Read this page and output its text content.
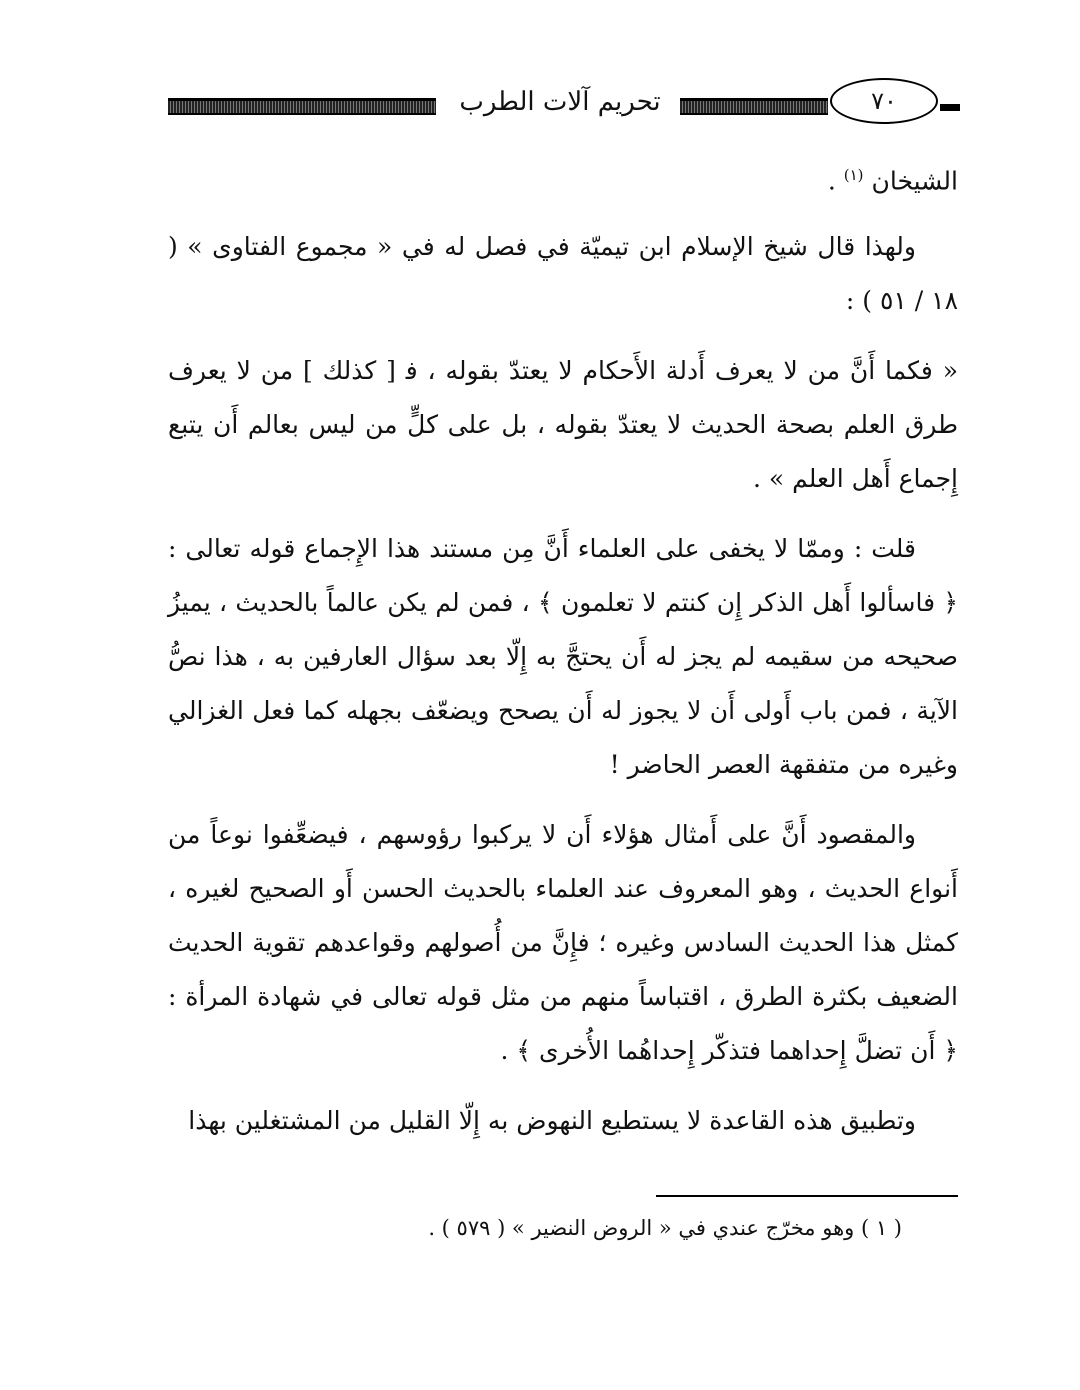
تحريم آلات الطرب	٧٠

الشيخان $^{(١)}$ .

ولهذا قال شيخ الإسلام ابن تيميّة في فصل له في « مجموع الفتاوى » ( ١٨ / ٥١ ) :

« فكما أَنَّ من لا يعرف أَدلة الأَحكام لا يعتدّ بقوله ، ﻓ [ كذلك ] من لا يعرف طرق العلم بصحة الحديث لا يعتدّ بقوله ، بل على كلٍّ من ليس بعالم أَن يتبع إِجماع أَهل العلم » .

قلت : وممّا لا يخفى على العلماء أَنَّ مِن مستند هذا الإِجماع قوله تعالى : ﴿ فاسألوا أَهل الذكر إِن كنتم لا تعلمون ﴾ ، فمن لم يكن عالماً بالحديث ، يميزُ صحيحه من سقيمه لم يجز له أَن يحتجَّ به إِلّا بعد سؤال العارفين به ، هذا نصُّ الآية ، فمن باب أَولى أَن لا يجوز له أَن يصحح ويضعّف بجهله كما فعل الغزالي وغيره من متفقهة العصر الحاضر !

والمقصود أَنَّ على أَمثال هؤلاء أَن لا يركبوا رؤوسهم ، فيضعِّفوا نوعاً من أَنواع الحديث ، وهو المعروف عند العلماء بالحديث الحسن أَو الصحيح لغيره ، كمثل هذا الحديث السادس وغيره ؛ فإِنَّ من أُصولهم وقواعدهم تقوية الحديث الضعيف بكثرة الطرق ، اقتباساً منهم من مثل قوله تعالى في شهادة المرأة : ﴿ أَن تضلَّ إِحداهما فتذكّر إِحداهُما الأُخرى ﴾ .

وتطبيق هذه القاعدة لا يستطيع النهوض به إِلّا القليل من المشتغلين بهذا

( ١ ) وهو مخرّج عندي في « الروض النضير » ( ٥٧٩ ) .
